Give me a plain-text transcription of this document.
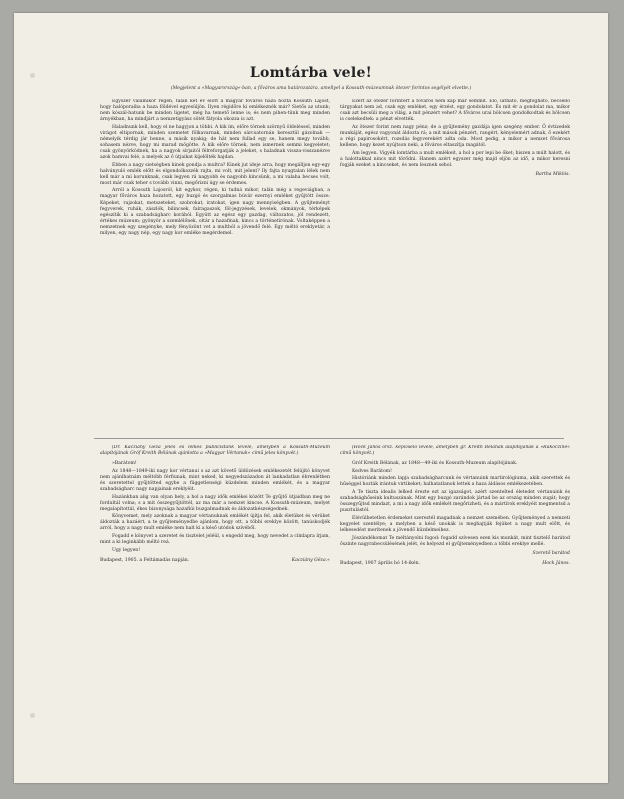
Lomtárba vele!
(Megjelent a »Magyarország«-ban, a főváros ama határozatára, amellyel a Kossuth-múzeumnak ötezer forintos segélyét elvette.)

Egyszer valamikor régen, talán két év előtt a magyar főváros haza hozta Kossuth Lajost, hogy halóporaiba a haza földével egyesüljön. Ilyen régidőre ki emlékeznék már? Sietős az utunk; nem kószál-hatunk be minden ligetet, még ha temető lenne is; és nem pihen-tünk meg minden árnyékban, ha mindjárt a nemzetigyász sötét fátyola okozza is azt.

Haladnunk kell, hogy el ne hagyjon a többi. A kik ím, előre törnek szörnyű öldeléssel, minden virágot eltipornak, minden szemetet fölkavarnak, minden sárcsatornán keresztül gázolnak — némelyik térdig jár benne, a másik nyakig; de hát nem fullad egy se, hanem megy tovább, sohasem nézve, hogy mi marad mögötte. A kik előre törnek, nem ismernek semmi kegyeletet; csak gyönyörködnek, ha a nagyok sírjaitól félreforgatják a jeleket, s haladnak vissza-visszanézve azok hamvai felé, a melyek az ő útjaikat kijelölték hajdan.

Ebben a nagy sietségben kinek gondja a multra? Kinek jut ideje arra, hogy megálljon egy-egy halványuló emlék előtt és elgondolkozzék rajta, mi volt, mit jelent? Ily fajta nyugtalan lélek nem kell már a mi korunknak, csak legyen rá nagyobb és nagyobb kincsünk, a mi valaha becses volt, most már csak teher s tovább vinni, megőrizni úgy se érdemes.

Arról a Kossuth Lajosról, kit egykor, régen, ki tudná mikor, talán még a regeviágban, a magyar főváros haza hozatott, egy buzgó és szorgalmas búvár ezernyi emléket gyűjtött össze. Képeket, rajzokat, metszeteket, szobrokat, iratokat, igen nagy mennyiségben. A gyűjteményt fegyverek, ruhák, zászlók, bilincsek, falragaszok, föl-jegyzések, levelek, okmányok, térképek egészítik ki a szabadságharc korából. Együtt az egész egy gazdag, változatos, jól rendezett, értékes múzeum; gyönyör a szemlélőnek, oltár a hazafinak, kincs a történetírónak. Voltaképpen a nemzetnek egy szegényke, mely fényözönt vet a multból a jövendő felé. Egy méltó ereklyetár, a milyen, egy nagy nép, egy nagy kor emléke megérdemel.

Ezért az ötezer forintért a főváros nem kap már semmit. Élő, látható, megfogható, becséllő tárgyakat nem ad, csak egy emléket, egy érzést, egy gondolatot. És mit ér a gondolat ma, mikor csak azt becsüli meg a világ, a mit pénzért vehet? A főváros urai bölcsen gondolkodtak és bölcsen is cselekedtek: a pénzt elvették.

Az ötezer forint nem nagy pénz; de a gyűjtemény gazdája igen szegény ember. Ő évtizedek munkáját, egész vagyonát áldozta rá; a mit mások pénzért, rangért, kényelemért adnak, ő ezekért a régi papirosokért, rozsdás fegyverekért adta oda. Most pedig, a mikor a nemzet fővárosa kellene, hogy kezet nyújtson neki, a főváros eltaszítja magától.

Ám legyen. Vigyék lomtárba a mult emlékeit, a hol a por lepi be őket; hiszen a múlt halott, és a halottakkal nincs mit törődni. Hanem azért egyszer még majd eljön az idő, a mikor keresni fogják ezeket a kincseket, és nem lesznek sehol.

Bartha Miklós.
(Dr. Kacziány Géza jeles és lelkes publicistánk levele, amelyben a Kossuth-Muzeum alapítójának Gróf Kreith Bélának ajánlotta a »Magyar Vértanuk« című jeles könyvét.)

»Barátom!

Az 1848—1849-iki nagy kor vértanui s az azt követő üldözések emlékezetét felújító könyvet nem ajánlhatnám méltóbb férfiunak, mint neked, ki negyedszázadon át lankadatlan ébrenlétben és szeretettel gyűjtötted egybe a függetlenségi küzdelem minden emlékét, és a magyar szabadságharc nagy napjainak ereklyéit.

Hazánkban alig van olyan hely, a hol a nagy idők emlékei között Te gyűjtő útjaidban meg ne fordultál volna; s a mit összegyűjtöttél, az ma már a nemzet kincse. A Kossuth-múzeum, melyet megalapítottál, ékes bizonysága hazafiúi buzgalmadnak és áldozatkészségednek.

Könyvemet, mely azoknak a magyar vértanuknak emlékét újítja fel, akik életüket és vérüket áldozták a hazáért, a te gyűjteményedbe ajánlom, hogy ott, a többi ereklye között, tanúskodjék arról, hogy a nagy mult emléke nem halt ki a késő utódok szívéből.

Fogadd e könyvet a szeretet és tisztelet jeléül, s engedd meg, hogy nevedet a címlapra írjam, mint a ki leginkább méltó reá.

Ugy legyen!

Budapest, 1905. a Feltámadás napján.	Kacziány Géza.«
(Hock János orsz. képviselő levele, amelyben gr. Kreith Bélának alapítójának a »Rákócziné« című könyvét.)

Gróf Kreith Bélának, az 1848—49-iki és Kossuth-Muzeum alapítójának.

Kedves Barátom!

Históriánk minden lapja szabadságharcunk és vértanuink martirológiuma, akik szerettek és hűséggel hozták irántuk virtikeket; halhatatlanok lettek a haza áldásos emlékezetében.

A Te tiszta idealis lelked érezte ezt az igazságot, azért szentelted életedet vértanuink és szabadsághőseink kultuszának. Mint egy buzgó zarándok jártad be az ország minden zugát; hogy összegyűjtsd mindazt, a mi a nagy idők emlékét megőrizheti, és a mártírok ereklyéit megmentsd a pusztulástól.

Elévülhetetlen érdemeket szereztél magadnak a nemzet szemében. Gyűjteményed a nemzeti kegyelet szentélye; a melyben a késő unokák is meghajtják fejüket a nagy mult előtt, és lelkesedést merítenek a jövendő küzdelmeihez.

Jószándékomat Te méltányolni fogod: fogadd szívesen ezen kis munkát, mint tisztelő barátod őszinte nagyrabecsülésének jelét, és helyezd el gyűjteményedben a többi ereklye mellé.

Szerető barátod
Budapest, 1907 április hó 14-ikén.	Hock János.
